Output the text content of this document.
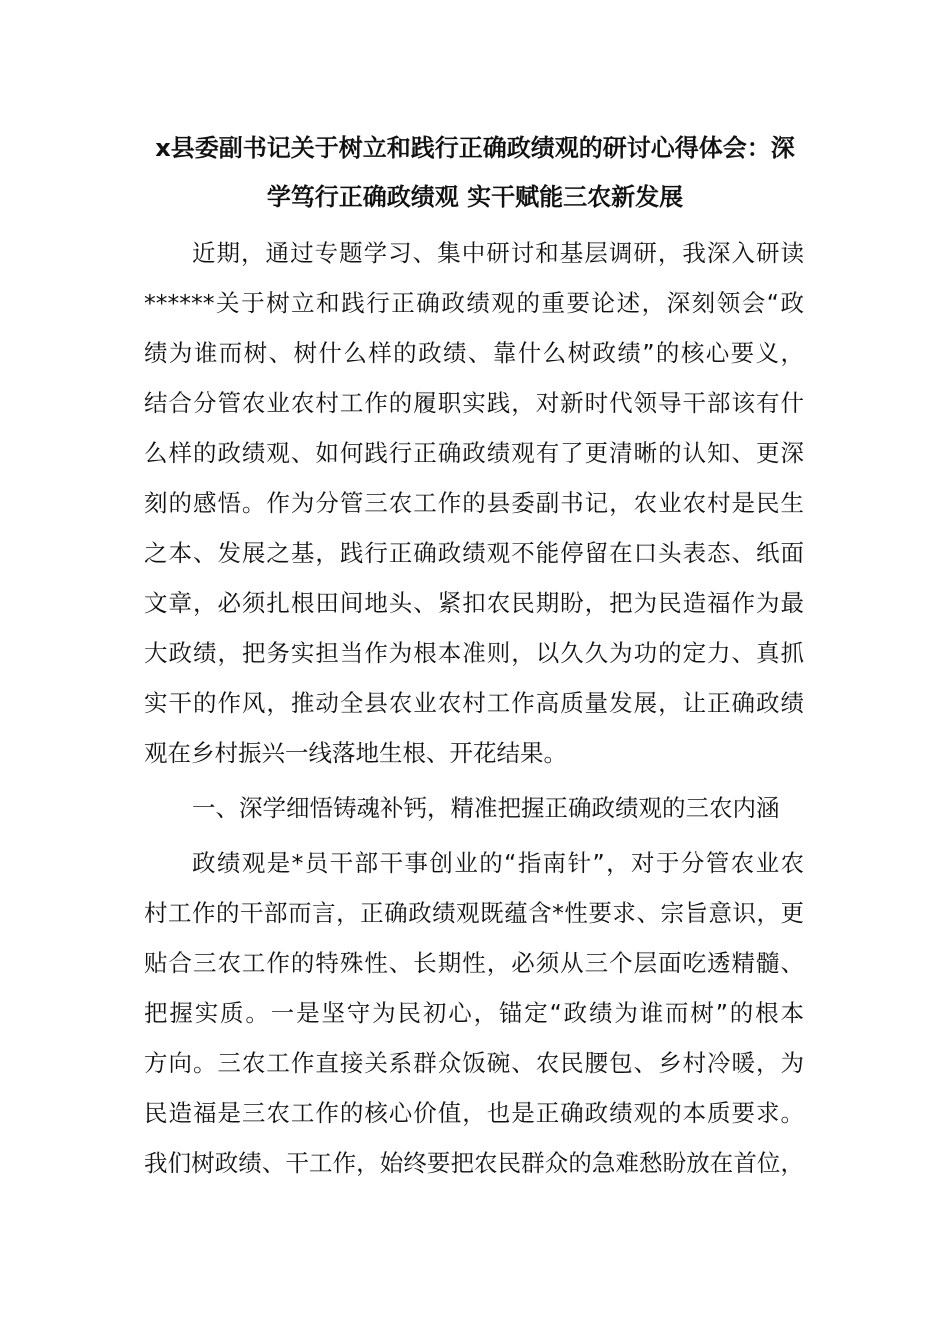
x县委副书记关于树立和践行正确政绩观的研讨心得体会：深
学笃行正确政绩观 实干赋能三农新发展
近期，通过专题学习、集中研讨和基层调研，我深入研读
******关于树立和践行正确政绩观的重要论述，深刻领会“政
绩为谁而树、树什么样的政绩、靠什么树政绩”的核心要义，
结合分管农业农村工作的履职实践，对新时代领导干部该有什
么样的政绩观、如何践行正确政绩观有了更清晰的认知、更深
刻的感悟。作为分管三农工作的县委副书记，农业农村是民生
之本、发展之基，践行正确政绩观不能停留在口头表态、纸面
文章，必须扎根田间地头、紧扣农民期盼，把为民造福作为最
大政绩，把务实担当作为根本准则，以久久为功的定力、真抓
实干的作风，推动全县农业农村工作高质量发展，让正确政绩
观在乡村振兴一线落地生根、开花结果。
一、深学细悟铸魂补钙，精准把握正确政绩观的三农内涵
政绩观是*员干部干事创业的“指南针”，对于分管农业农
村工作的干部而言，正确政绩观既蕴含*性要求、宗旨意识，更
贴合三农工作的特殊性、长期性，必须从三个层面吃透精髓、
把握实质。一是坚守为民初心，锚定“政绩为谁而树”的根本
方向。三农工作直接关系群众饭碗、农民腰包、乡村冷暖，为
民造福是三农工作的核心价值，也是正确政绩观的本质要求。
我们树政绩、干工作，始终要把农民群众的急难愁盼放在首位，
